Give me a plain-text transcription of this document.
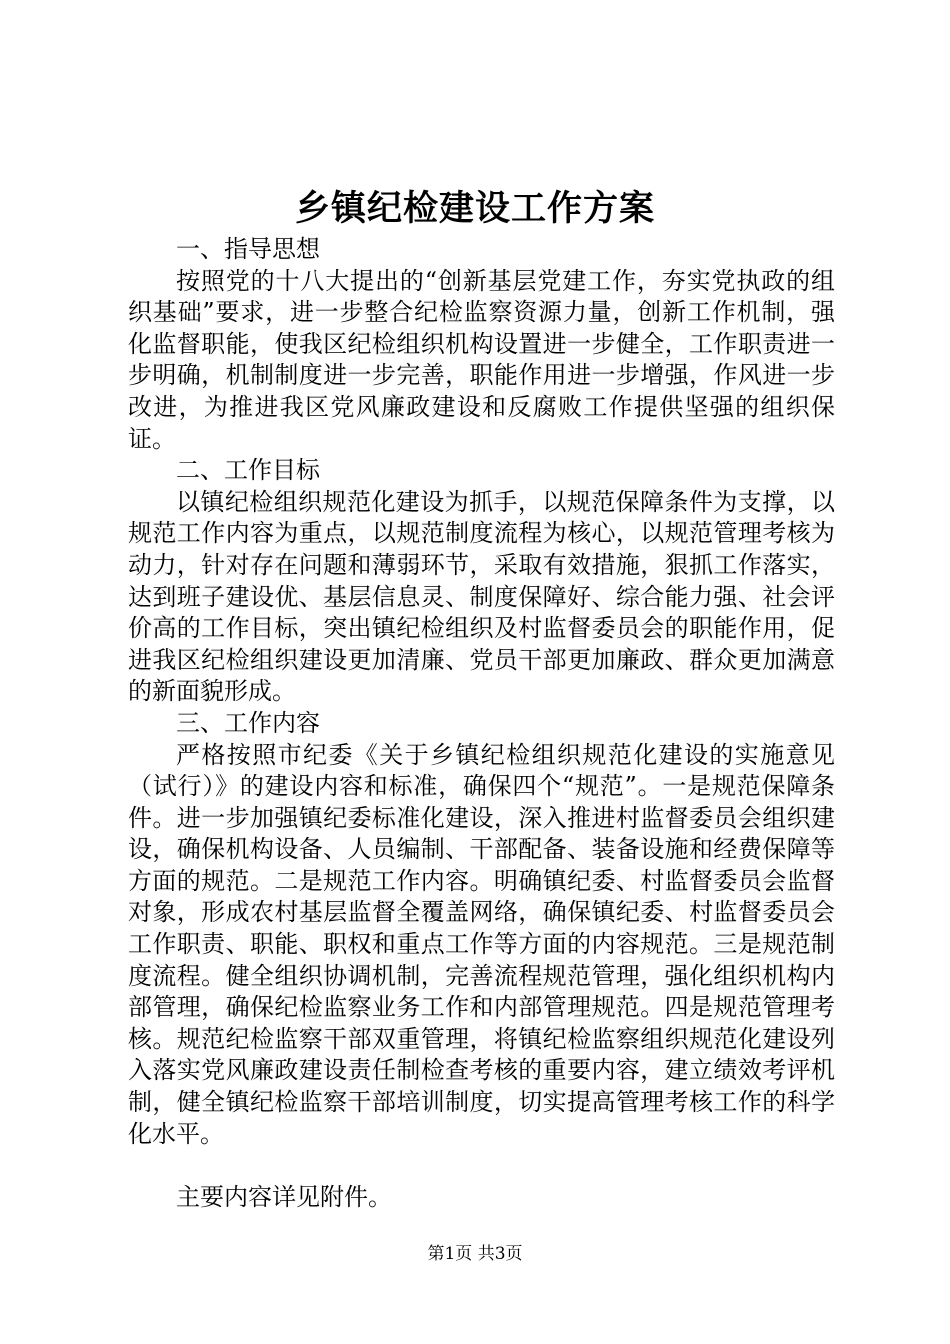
乡镇纪检建设工作方案

一、指导思想

按照党的十八大提出的“创新基层党建工作，夯实党执政的组织基础”要求，进一步整合纪检监察资源力量，创新工作机制，强化监督职能，使我区纪检组织机构设置进一步健全，工作职责进一步明确，机制制度进一步完善，职能作用进一步增强，作风进一步改进，为推进我区党风廉政建设和反腐败工作提供坚强的组织保证。

二、工作目标

以镇纪检组织规范化建设为抓手，以规范保障条件为支撑，以规范工作内容为重点，以规范制度流程为核心，以规范管理考核为动力，针对存在问题和薄弱环节，采取有效措施，狠抓工作落实，达到班子建设优、基层信息灵、制度保障好、综合能力强、社会评价高的工作目标，突出镇纪检组织及村监督委员会的职能作用，促进我区纪检组织建设更加清廉、党员干部更加廉政、群众更加满意的新面貌形成。

三、工作内容

严格按照市纪委《关于乡镇纪检组织规范化建设的实施意见（试行）》的建设内容和标准，确保四个“规范”。一是规范保障条件。进一步加强镇纪委标准化建设，深入推进村监督委员会组织建设，确保机构设备、人员编制、干部配备、装备设施和经费保障等方面的规范。二是规范工作内容。明确镇纪委、村监督委员会监督对象，形成农村基层监督全覆盖网络，确保镇纪委、村监督委员会工作职责、职能、职权和重点工作等方面的内容规范。三是规范制度流程。健全组织协调机制，完善流程规范管理，强化组织机构内部管理，确保纪检监察业务工作和内部管理规范。四是规范管理考核。规范纪检监察干部双重管理，将镇纪检监察组织规范化建设列入落实党风廉政建设责任制检查考核的重要内容，建立绩效考评机制，健全镇纪检监察干部培训制度，切实提高管理考核工作的科学化水平。

主要内容详见附件。

第1页 共3页
